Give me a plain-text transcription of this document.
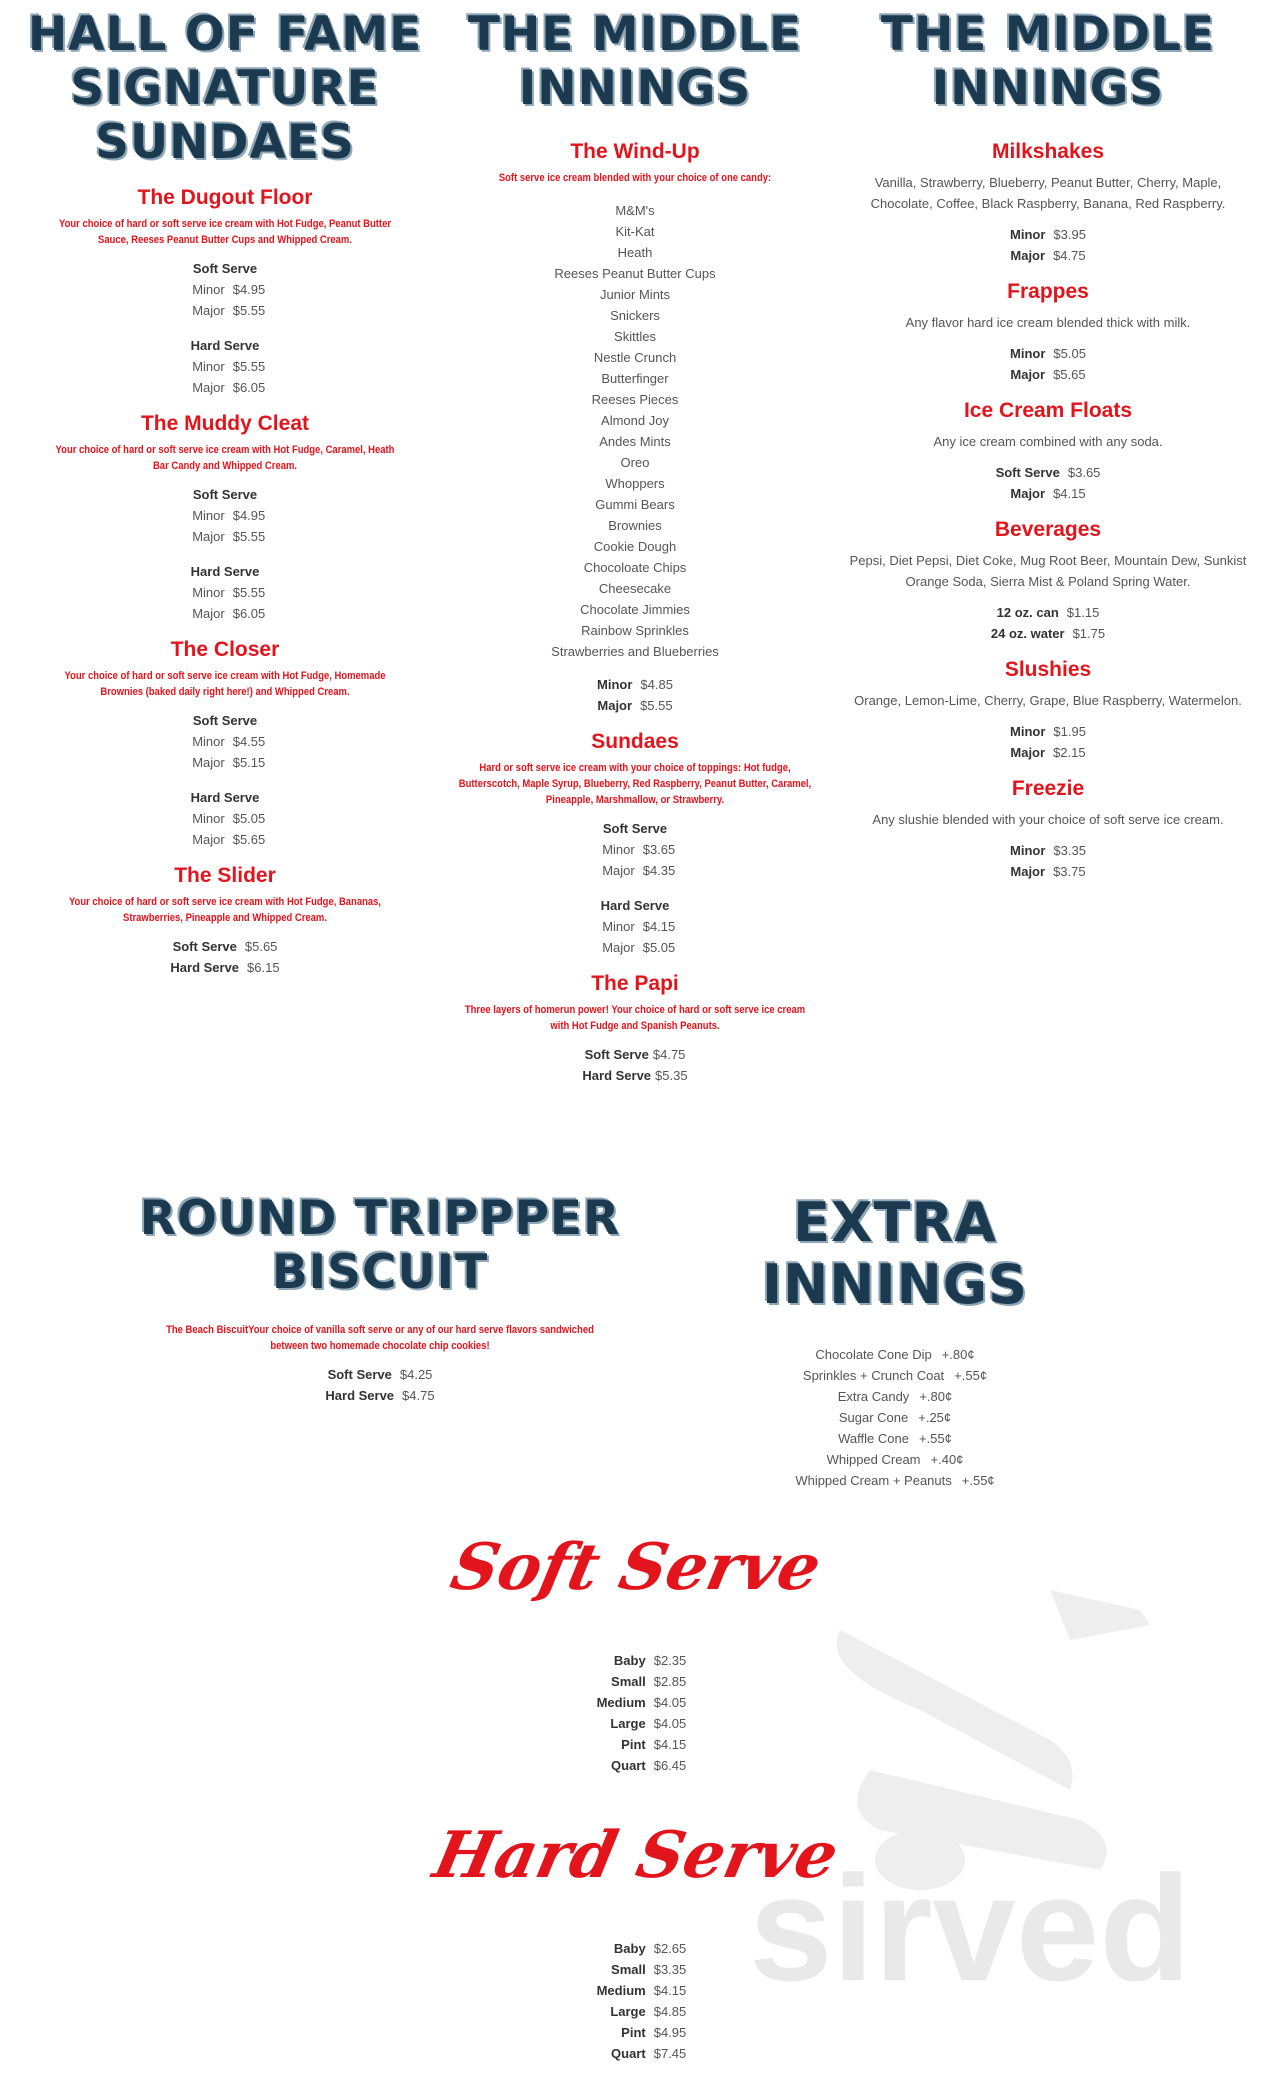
sirved
HALL OF FAME
SIGNATURE
SUNDAES
The Dugout Floor
Your choice of hard or soft serve ice cream with Hot Fudge, Peanut Butter Sauce, Reeses Peanut Butter Cups and Whipped Cream.
Soft Serve
Minor $4.95
Major $5.55
Hard Serve
Minor $5.55
Major $6.05
The Muddy Cleat
Your choice of hard or soft serve ice cream with Hot Fudge, Caramel, Heath Bar Candy and Whipped Cream.
Soft Serve
Minor $4.95
Major $5.55
Hard Serve
Minor $5.55
Major $6.05
The Closer
Your choice of hard or soft serve ice cream with Hot Fudge, Homemade Brownies (baked daily right here!) and Whipped Cream.
Soft Serve
Minor $4.55
Major $5.15
Hard Serve
Minor $5.05
Major $5.65
The Slider
Your choice of hard or soft serve ice cream with Hot Fudge, Bananas, Strawberries, Pineapple and Whipped Cream.
Soft Serve $5.65
Hard Serve $6.15
THE MIDDLE
INNINGS
The Wind-Up
Soft serve ice cream blended with your choice of one candy:
M&M's
Kit-Kat
Heath
Reeses Peanut Butter Cups
Junior Mints
Snickers
Skittles
Nestle Crunch
Butterfinger
Reeses Pieces
Almond Joy
Andes Mints
Oreo
Whoppers
Gummi Bears
Brownies
Cookie Dough
Chocoloate Chips
Cheesecake
Chocolate Jimmies
Rainbow Sprinkles
Strawberries and Blueberries
Minor $4.85
Major $5.55
Sundaes
Hard or soft serve ice cream with your choice of toppings: Hot fudge, Butterscotch, Maple Syrup, Blueberry, Red Raspberry, Peanut Butter, Caramel, Pineapple, Marshmallow, or Strawberry.
Soft Serve
Minor $3.65
Major $4.35
Hard Serve
Minor $4.15
Major $5.05
The Papi
Three layers of homerun power! Your choice of hard or soft serve ice cream with Hot Fudge and Spanish Peanuts.
Soft Serve $4.75
Hard Serve $5.35
THE MIDDLE
INNINGS
Milkshakes
Vanilla, Strawberry, Blueberry, Peanut Butter, Cherry, Maple, Chocolate, Coffee, Black Raspberry, Banana, Red Raspberry.
Minor $3.95
Major $4.75
Frappes
Any flavor hard ice cream blended thick with milk.
Minor $5.05
Major $5.65
Ice Cream Floats
Any ice cream combined with any soda.
Soft Serve $3.65
Major $4.15
Beverages
Pepsi, Diet Pepsi, Diet Coke, Mug Root Beer, Mountain Dew, Sunkist Orange Soda, Sierra Mist & Poland Spring Water.
12 oz. can $1.15
24 oz. water $1.75
Slushies
Orange, Lemon-Lime, Cherry, Grape, Blue Raspberry, Watermelon.
Minor $1.95
Major $2.15
Freezie
Any slushie blended with your choice of soft serve ice cream.
Minor $3.35
Major $3.75
ROUND TRIPPPER
BISCUIT
The Beach BiscuitYour choice of vanilla soft serve or any of our hard serve flavors sandwiched between two homemade chocolate chip cookies!
Soft Serve $4.25
Hard Serve $4.75
EXTRA
INNINGS
Chocolate Cone Dip +.80¢
Sprinkles + Crunch Coat +.55¢
Extra Candy +.80¢
Sugar Cone +.25¢
Waffle Cone +.55¢
Whipped Cream +.40¢
Whipped Cream + Peanuts +.55¢
Soft Serve
Baby $2.35
Small $2.85
Medium $4.05
Large $4.05
Pint $4.15
Quart $6.45
Hard Serve
Baby $2.65
Small $3.35
Medium $4.15
Large $4.85
Pint $4.95
Quart $7.45
